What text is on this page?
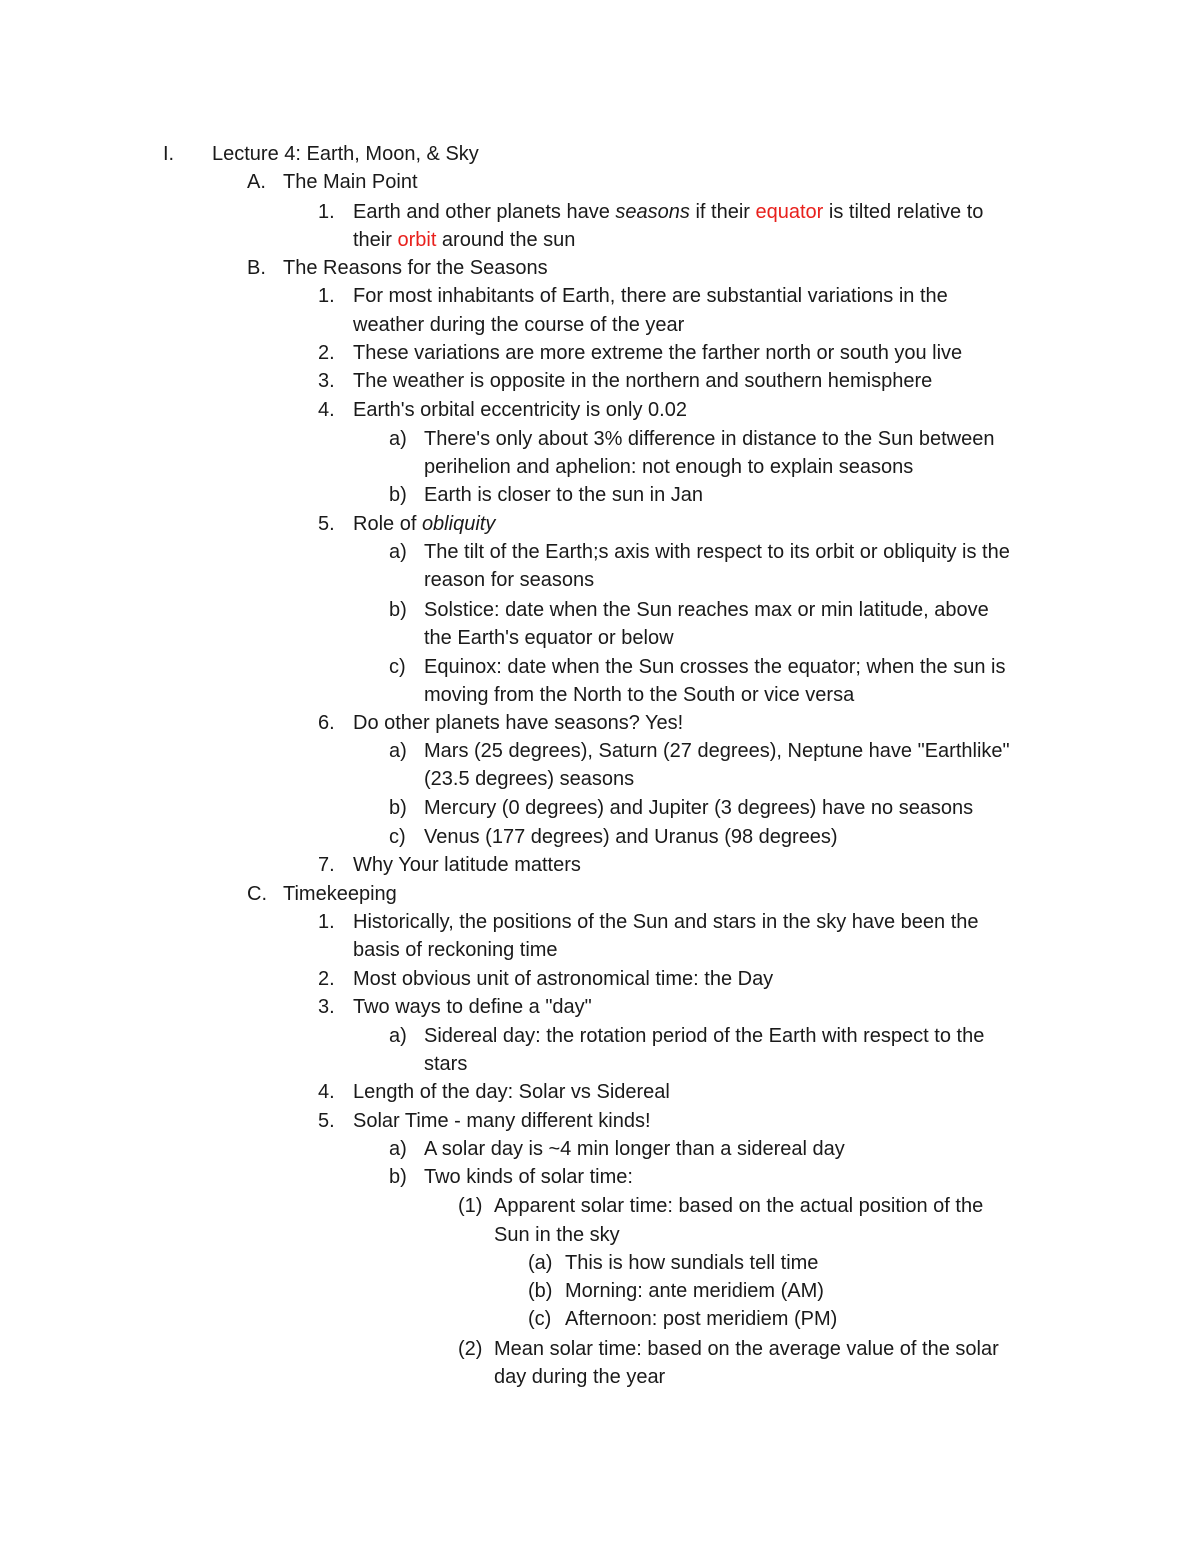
I. Lecture 4: Earth, Moon, & Sky
A. The Main Point
1. Earth and other planets have seasons if their equator is tilted relative to
their orbit around the sun
B. The Reasons for the Seasons
1. For most inhabitants of Earth, there are substantial variations in the
weather during the course of the year
2. These variations are more extreme the farther north or south you live
3. The weather is opposite in the northern and southern hemisphere
4. Earth's orbital eccentricity is only 0.02
a) There's only about 3% difference in distance to the Sun between
perihelion and aphelion: not enough to explain seasons
b) Earth is closer to the sun in Jan
5. Role of obliquity
a) The tilt of the Earth;s axis with respect to its orbit or obliquity is the
reason for seasons
b) Solstice: date when the Sun reaches max or min latitude, above
the Earth's equator or below
c) Equinox: date when the Sun crosses the equator; when the sun is
moving from the North to the South or vice versa
6. Do other planets have seasons? Yes!
a) Mars (25 degrees), Saturn (27 degrees), Neptune have "Earthlike"
(23.5 degrees) seasons
b) Mercury (0 degrees) and Jupiter (3 degrees) have no seasons
c) Venus (177 degrees) and Uranus (98 degrees)
7. Why Your latitude matters
C. Timekeeping
1. Historically, the positions of the Sun and stars in the sky have been the
basis of reckoning time
2. Most obvious unit of astronomical time: the Day
3. Two ways to define a "day"
a) Sidereal day: the rotation period of the Earth with respect to the
stars
4. Length of the day: Solar vs Sidereal
5. Solar Time - many different kinds!
a) A solar day is ~4 min longer than a sidereal day
b) Two kinds of solar time:
(1) Apparent solar time: based on the actual position of the
Sun in the sky
(a) This is how sundials tell time
(b) Morning: ante meridiem (AM)
(c) Afternoon: post meridiem (PM)
(2) Mean solar time: based on the average value of the solar
day during the year
